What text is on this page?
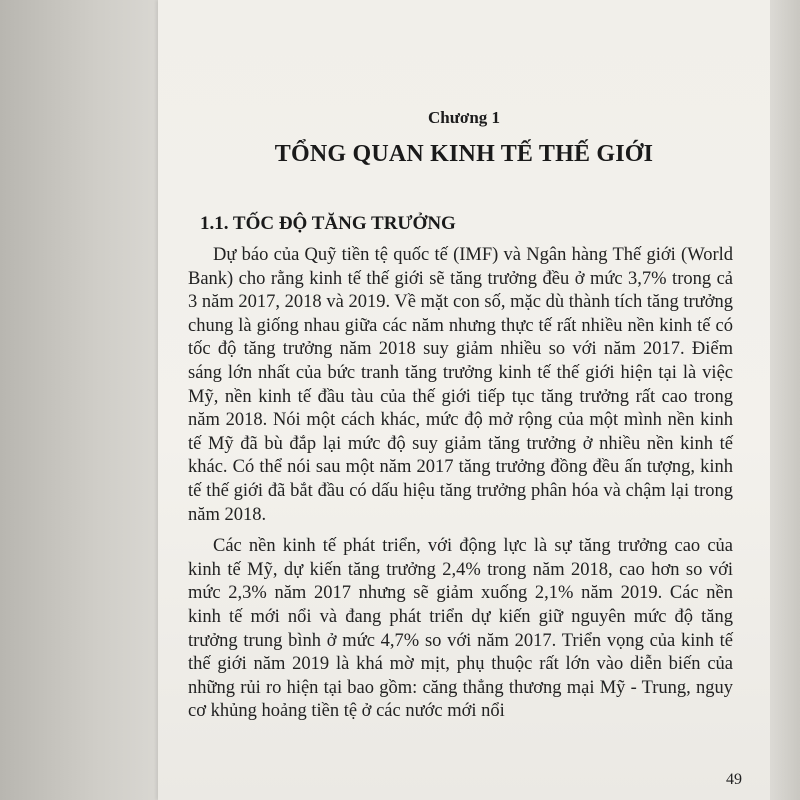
Chương 1
TỔNG QUAN KINH TẾ THẾ GIỚI
1.1. TỐC ĐỘ TĂNG TRƯỞNG

Dự báo của Quỹ tiền tệ quốc tế (IMF) và Ngân hàng Thế giới (World Bank) cho rằng kinh tế thế giới sẽ tăng trưởng đều ở mức 3,7% trong cả 3 năm 2017, 2018 và 2019. Về mặt con số, mặc dù thành tích tăng trưởng chung là giống nhau giữa các năm nhưng thực tế rất nhiều nền kinh tế có tốc độ tăng trưởng năm 2018 suy giảm nhiều so với năm 2017. Điểm sáng lớn nhất của bức tranh tăng trưởng kinh tế thế giới hiện tại là việc Mỹ, nền kinh tế đầu tàu của thế giới tiếp tục tăng trưởng rất cao trong năm 2018. Nói một cách khác, mức độ mở rộng của một mình nền kinh tế Mỹ đã bù đắp lại mức độ suy giảm tăng trưởng ở nhiều nền kinh tế khác. Có thể nói sau một năm 2017 tăng trưởng đồng đều ấn tượng, kinh tế thế giới đã bắt đầu có dấu hiệu tăng trưởng phân hóa và chậm lại trong năm 2018.

Các nền kinh tế phát triển, với động lực là sự tăng trưởng cao của kinh tế Mỹ, dự kiến tăng trưởng 2,4% trong năm 2018, cao hơn so với mức 2,3% năm 2017 nhưng sẽ giảm xuống 2,1% năm 2019. Các nền kinh tế mới nổi và đang phát triển dự kiến giữ nguyên mức độ tăng trưởng trung bình ở mức 4,7% so với năm 2017. Triển vọng của kinh tế thế giới năm 2019 là khá mờ mịt, phụ thuộc rất lớn vào diễn biến của những rủi ro hiện tại bao gồm: căng thẳng thương mại Mỹ - Trung, nguy cơ khủng hoảng tiền tệ ở các nước mới nổi

49
